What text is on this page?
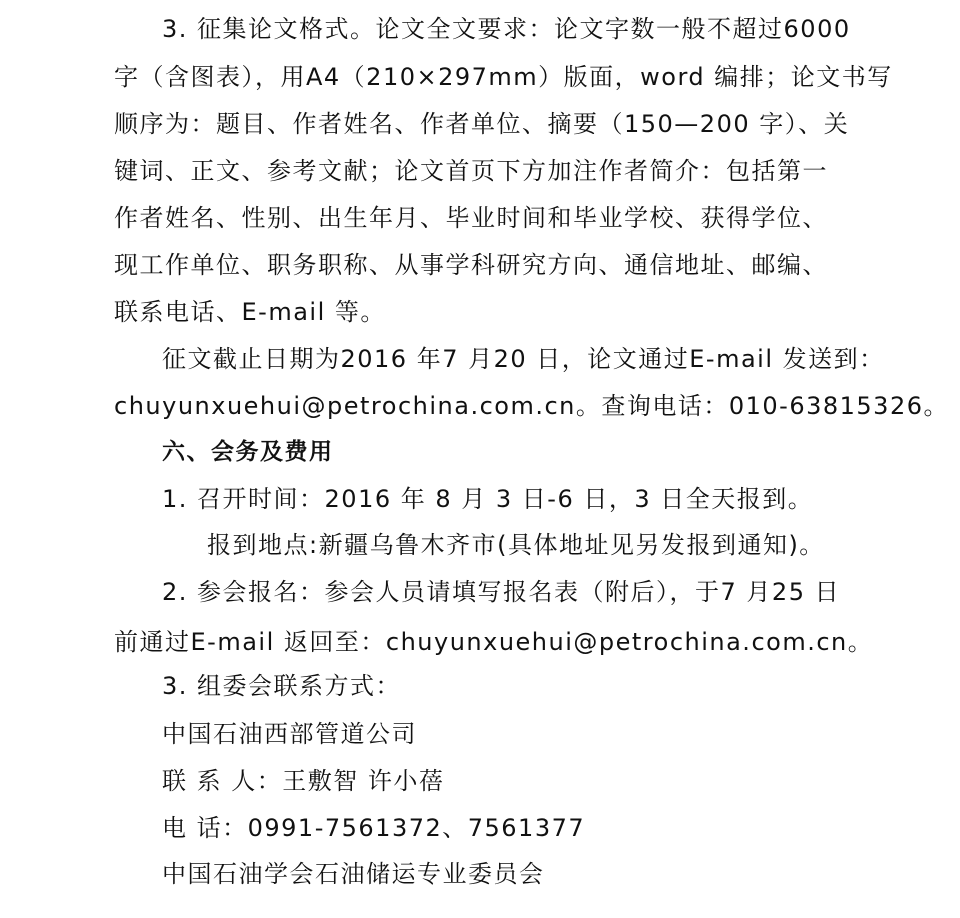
3. 征集论文格式。论文全文要求：论文字数一般不超过6000
字（含图表），用A4（210×297mm）版面，word 编排；论文书写
顺序为：题目、作者姓名、作者单位、摘要（150—200 字）、关
键词、正文、参考文献；论文首页下方加注作者简介：包括第一
作者姓名、性别、出生年月、毕业时间和毕业学校、获得学位、
现工作单位、职务职称、从事学科研究方向、通信地址、邮编、
联系电话、E-mail 等。
征文截止日期为2016 年7 月20 日，论文通过E-mail 发送到：
chuyunxuehui@petrochina.com.cn。查询电话：010-63815326。
六、会务及费用
1. 召开时间：2016 年 8 月 3 日-6 日，3 日全天报到。
报到地点:新疆乌鲁木齐市(具体地址见另发报到通知)。
2. 参会报名：参会人员请填写报名表（附后），于7 月25 日
前通过E-mail 返回至：chuyunxuehui@petrochina.com.cn。
3. 组委会联系方式：
中国石油西部管道公司
联 系 人：王敷智 许小蓓
电 话：0991-7561372、7561377
中国石油学会石油储运专业委员会
